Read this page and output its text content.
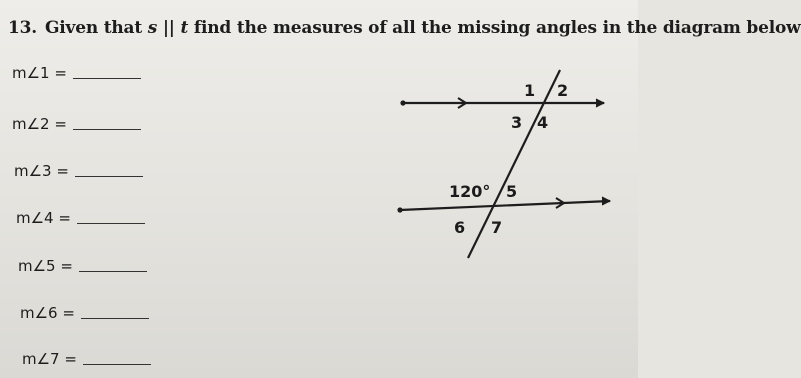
13. Given that s || t find the measures of all the missing angles in the diagram below
m∠1 =
m∠2 =
m∠3 =
m∠4 =
m∠5 =
m∠6 =
m∠7 =
1 2
3 4
120° 5
6 7
